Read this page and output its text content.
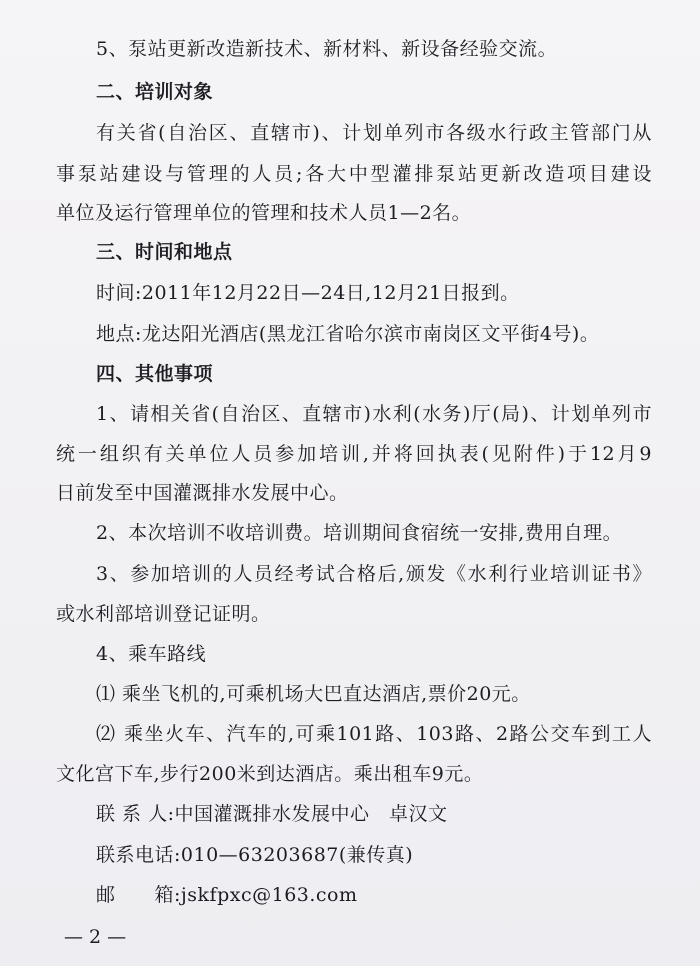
5、泵站更新改造新技术、新材料、新设备经验交流。
二、培训对象
有关省(自治区、直辖市)、计划单列市各级水行政主管部门从
事泵站建设与管理的人员;各大中型灌排泵站更新改造项目建设
单位及运行管理单位的管理和技术人员1—2名。
三、时间和地点
时间:2011年12月22日—24日,12月21日报到。
地点:龙达阳光酒店(黑龙江省哈尔滨市南岗区文平街4号)。
四、其他事项
1、请相关省(自治区、直辖市)水利(水务)厅(局)、计划单列市
统一组织有关单位人员参加培训,并将回执表(见附件)于12月9
日前发至中国灌溉排水发展中心。
2、本次培训不收培训费。培训期间食宿统一安排,费用自理。
3、参加培训的人员经考试合格后,颁发《水利行业培训证书》
或水利部培训登记证明。
4、乘车路线
⑴ 乘坐飞机的,可乘机场大巴直达酒店,票价20元。
⑵ 乘坐火车、汽车的,可乘101路、103路、2路公交车到工人
文化宫下车,步行200米到达酒店。乘出租车9元。
联 系 人:中国灌溉排水发展中心　卓汉文
联系电话:010—63203687(兼传真)
邮　　箱:jskfpxc@163.com
— 2 —
